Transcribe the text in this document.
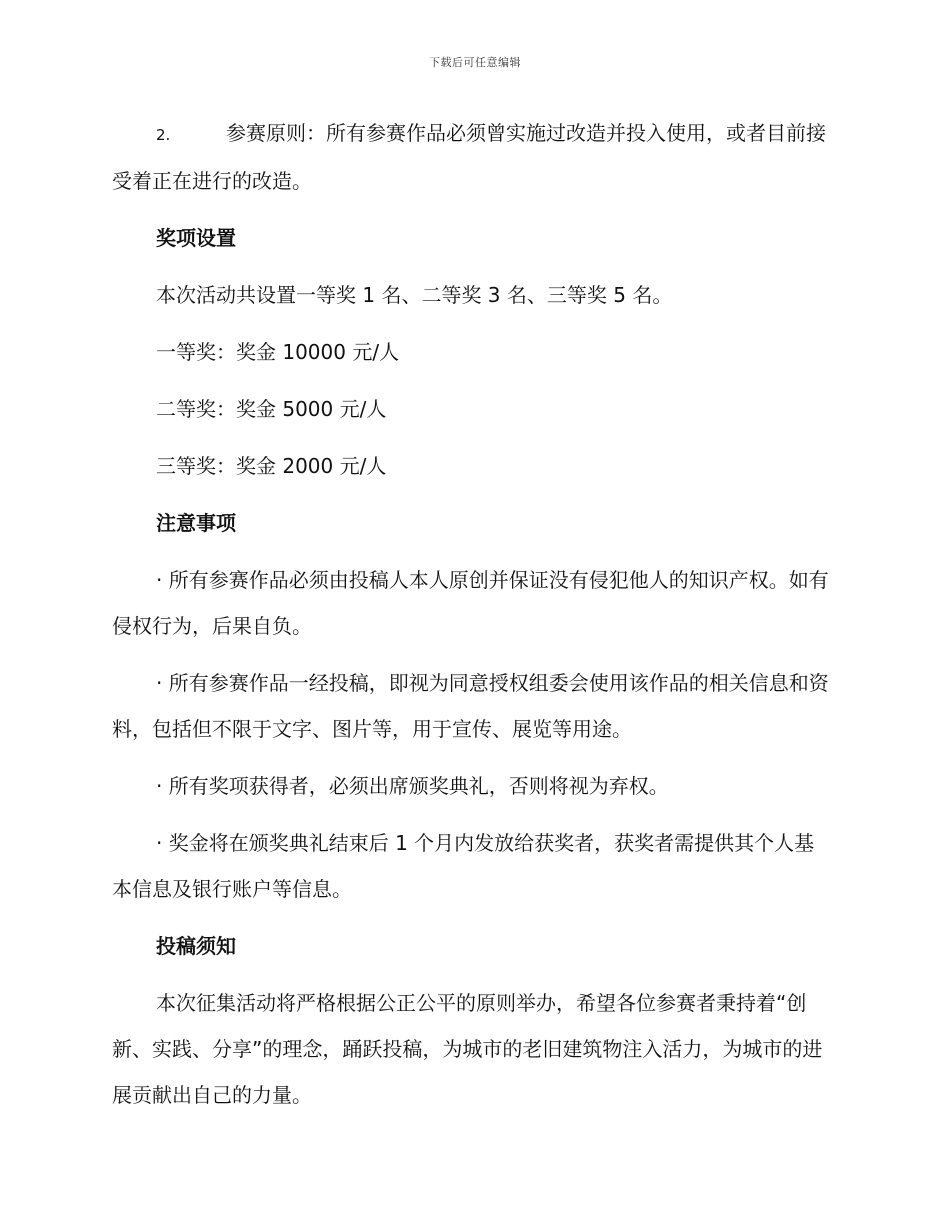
下载后可任意编辑

2.	参赛原则：所有参赛作品必须曾实施过改造并投入使用，或者目前接受着正在进行的改造。

奖项设置

本次活动共设置一等奖 1 名、二等奖 3 名、三等奖 5 名。

一等奖：奖金 10000 元/人

二等奖：奖金 5000 元/人

三等奖：奖金 2000 元/人

注意事项

· 所有参赛作品必须由投稿人本人原创并保证没有侵犯他人的知识产权。如有侵权行为，后果自负。

· 所有参赛作品一经投稿，即视为同意授权组委会使用该作品的相关信息和资料，包括但不限于文字、图片等，用于宣传、展览等用途。

· 所有奖项获得者，必须出席颁奖典礼，否则将视为弃权。

· 奖金将在颁奖典礼结束后 1 个月内发放给获奖者，获奖者需提供其个人基本信息及银行账户等信息。

投稿须知

本次征集活动将严格根据公正公平的原则举办，希望各位参赛者秉持着“创新、实践、分享”的理念，踊跃投稿，为城市的老旧建筑物注入活力，为城市的进展贡献出自己的力量。
